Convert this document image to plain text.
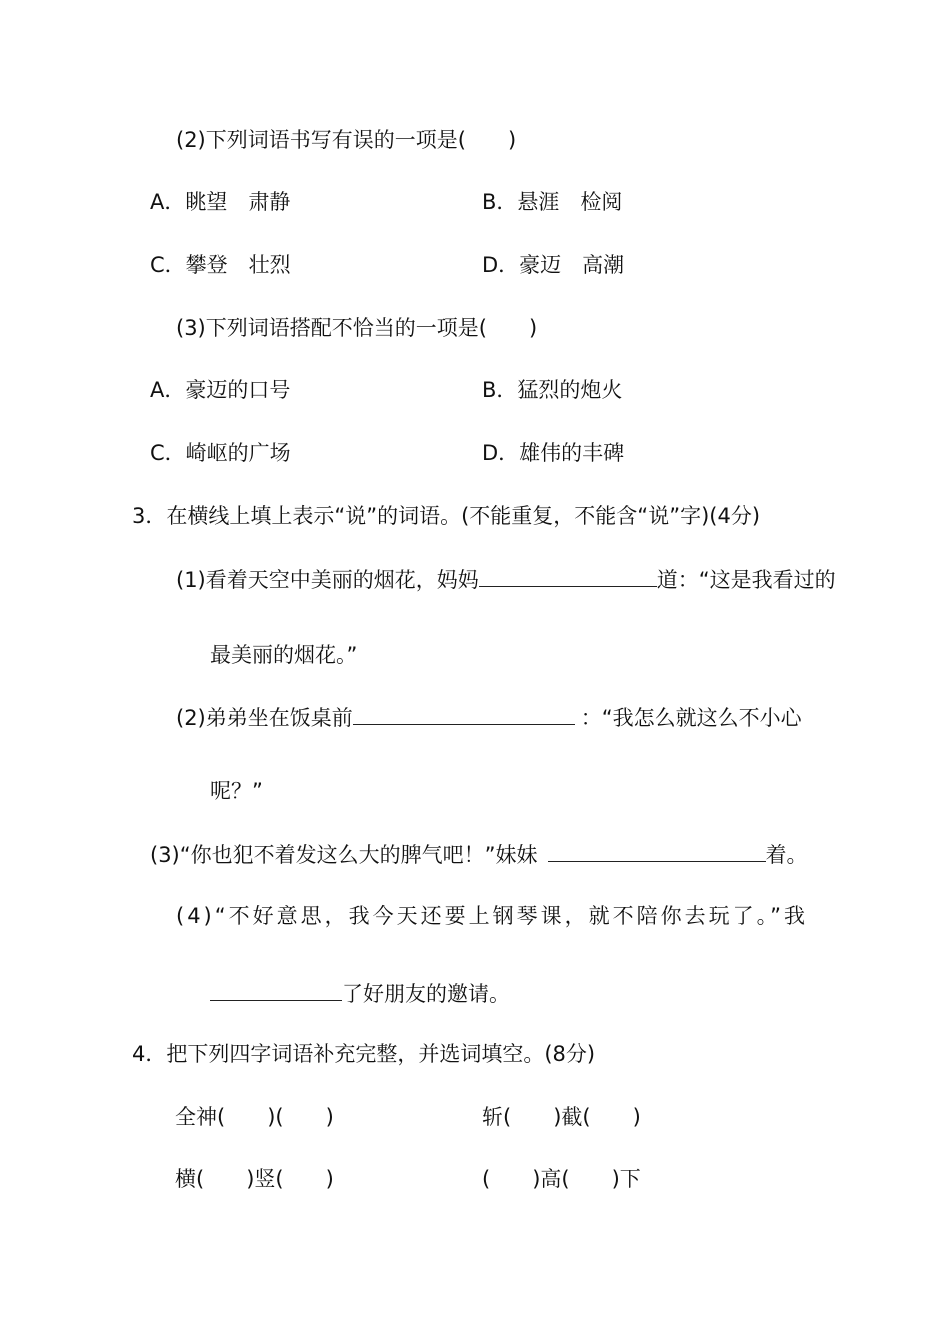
(2)下列词语书写有误的一项是(　　)
A．眺望　肃静	B．悬涯　检阅
C．攀登　壮烈	D．豪迈　高潮
(3)下列词语搭配不恰当的一项是(　　)
A．豪迈的口号	B．猛烈的炮火
C．崎岖的广场	D．雄伟的丰碑
3．在横线上填上表示“说”的词语。(不能重复，不能含“说”字)(4分)
(1)看着天空中美丽的烟花，妈妈	道：“这是我看过的
最美丽的烟花。”
(2)弟弟坐在饭桌前	：“我怎么就这么不小心
呢？”
(3)“你也犯不着发这么大的脾气吧！”妹妹	着。
(4)“不好意思，我今天还要上钢琴课，就不陪你去玩了。”我
了好朋友的邀请。
4．把下列四字词语补充完整，并选词填空。(8分)
全神(　　)(　　)	斩(　　)截(　　)
横(　　)竖(　　)	(　　)高(　　)下
